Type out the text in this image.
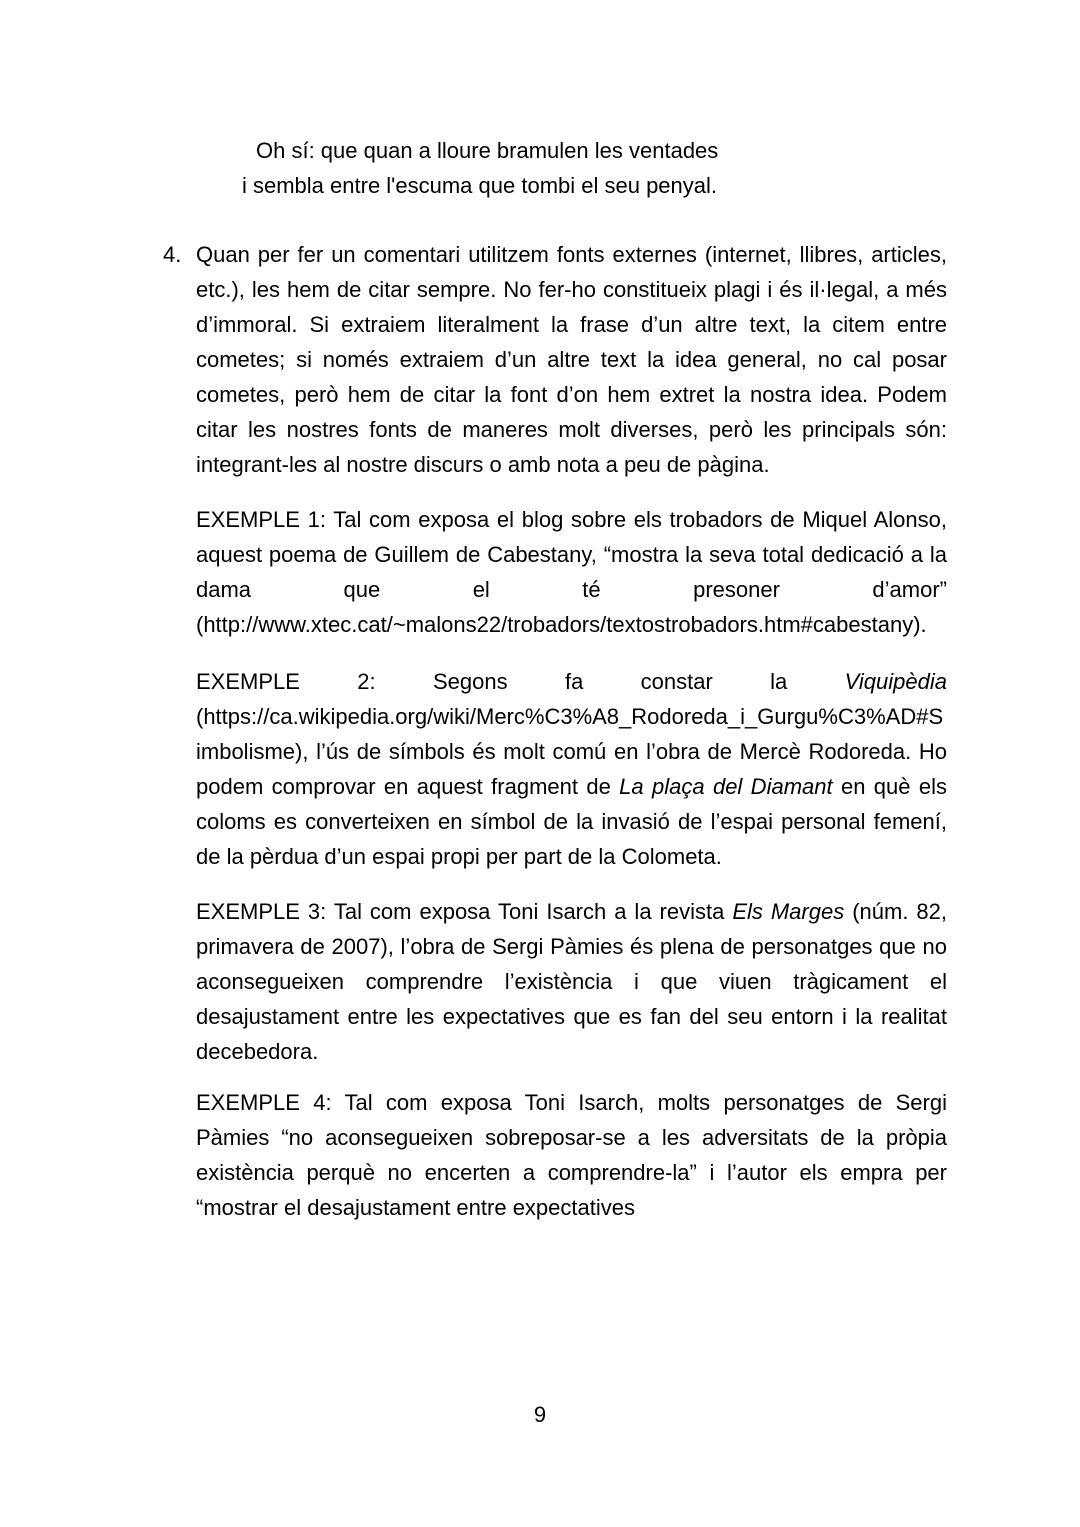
Oh sí: que quan a lloure bramulen les ventades
i sembla entre l'escuma que tombi el seu penyal.
4. Quan per fer un comentari utilitzem fonts externes (internet, llibres, articles, etc.), les hem de citar sempre. No fer-ho constitueix plagi i és il·legal, a més d’immoral. Si extraiem literalment la frase d’un altre text, la citem entre cometes; si només extraiem d’un altre text la idea general, no cal posar cometes, però hem de citar la font d’on hem extret la nostra idea. Podem citar les nostres fonts de maneres molt diverses, però les principals són: integrant-les al nostre discurs o amb nota a peu de pàgina.

EXEMPLE 1: Tal com exposa el blog sobre els trobadors de Miquel Alonso, aquest poema de Guillem de Cabestany, “mostra la seva total dedicació a la dama que el té presoner d’amor” (http://www.xtec.cat/~malons22/trobadors/textostrobadors.htm#cabestany).

EXEMPLE 2: Segons fa constar la Viquipèdia (https://ca.wikipedia.org/wiki/Merc%C3%A8_Rodoreda_i_Gurgu%C3%AD#Simbolisme), l’ús de símbols és molt comú en l’obra de Mercè Rodoreda. Ho podem comprovar en aquest fragment de La plaça del Diamant en què els coloms es converteixen en símbol de la invasió de l’espai personal femení, de la pèrdua d’un espai propi per part de la Colometa.

EXEMPLE 3: Tal com exposa Toni Isarch a la revista Els Marges (núm. 82, primavera de 2007), l’obra de Sergi Pàmies és plena de personatges que no aconsegueixen comprendre l’existència i que viuen tràgicament el desajustament entre les expectatives que es fan del seu entorn i la realitat decebedora.

EXEMPLE 4: Tal com exposa Toni Isarch, molts personatges de Sergi Pàmies “no aconsegueixen sobreposar-se a les adversitats de la pròpia existència perquè no encerten a comprendre-la” i l’autor els empra per “mostrar el desajustament entre expectatives

9
